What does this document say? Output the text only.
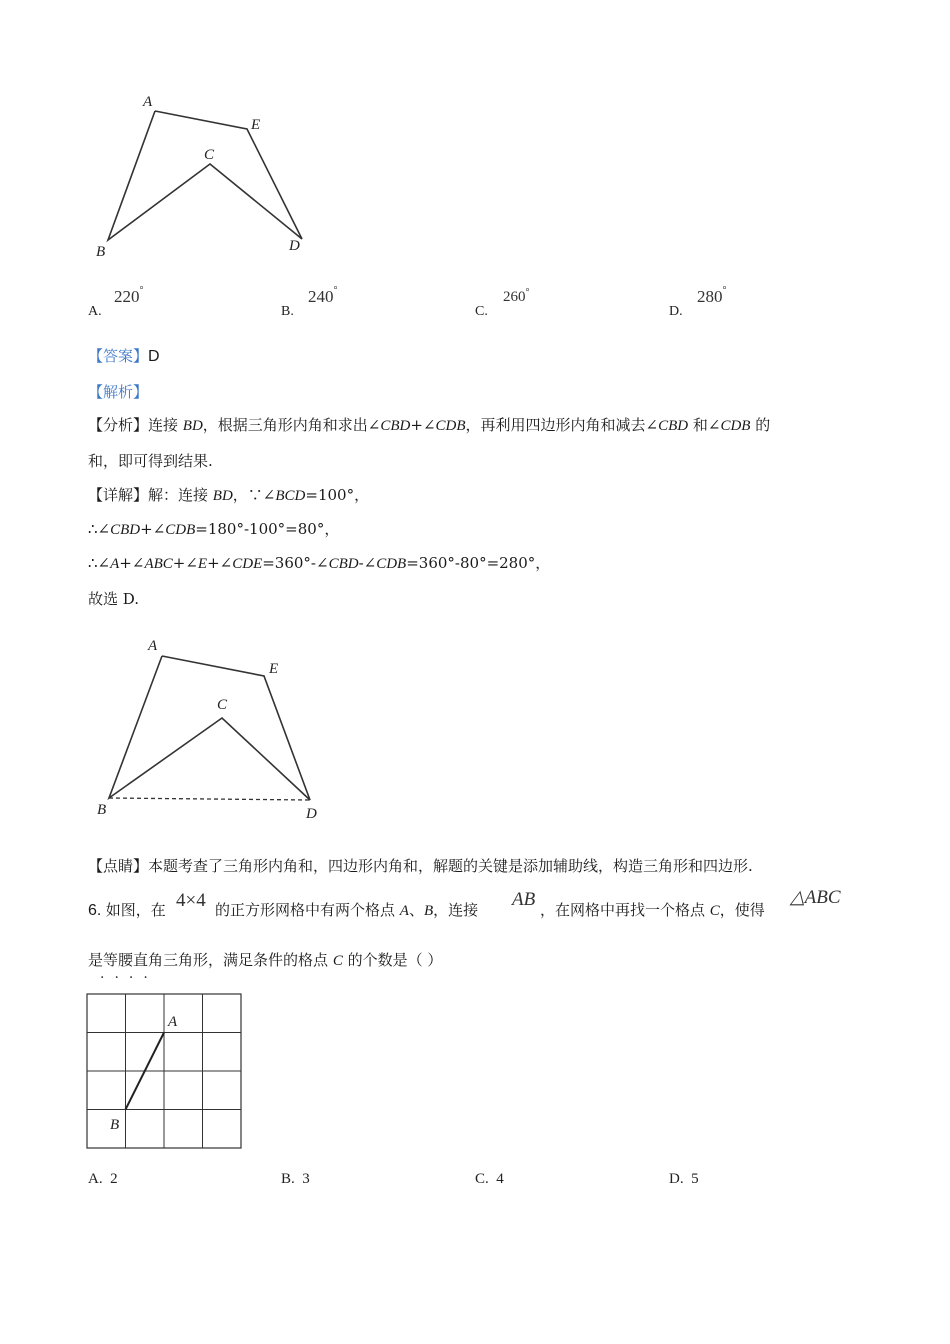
A
E
C
B	D
A.
220°
B.
240°
C.
260°
D.
280°
【答案】D
【解析】
【分析】连接 BD，根据三角形内角和求出∠CBD+∠CDB，再利用四边形内角和减去∠CBD 和∠CDB 的
和，即可得到结果.
【详解】解：连接 BD，∵∠BCD=100°，
∴∠CBD+∠CDB=180°-100°=80°，
∴∠A+∠ABC+∠E+∠CDE=360°-∠CBD-∠CDB=360°-80°=280°，
故选 D.
A
E
C
B	D
【点睛】本题考查了三角形内角和，四边形内角和，解题的关键是添加辅助线，构造三角形和四边形.
6. 如图，在 4×4 的正方形网格中有两个格点 A、B，连接 AB ，在网格中再找一个格点 C，使得
△ABC
是等腰直角三角形，满足条件的格点 C 的个数是（ ）
····
A
B
A. 2	B. 3	C. 4	D. 5
